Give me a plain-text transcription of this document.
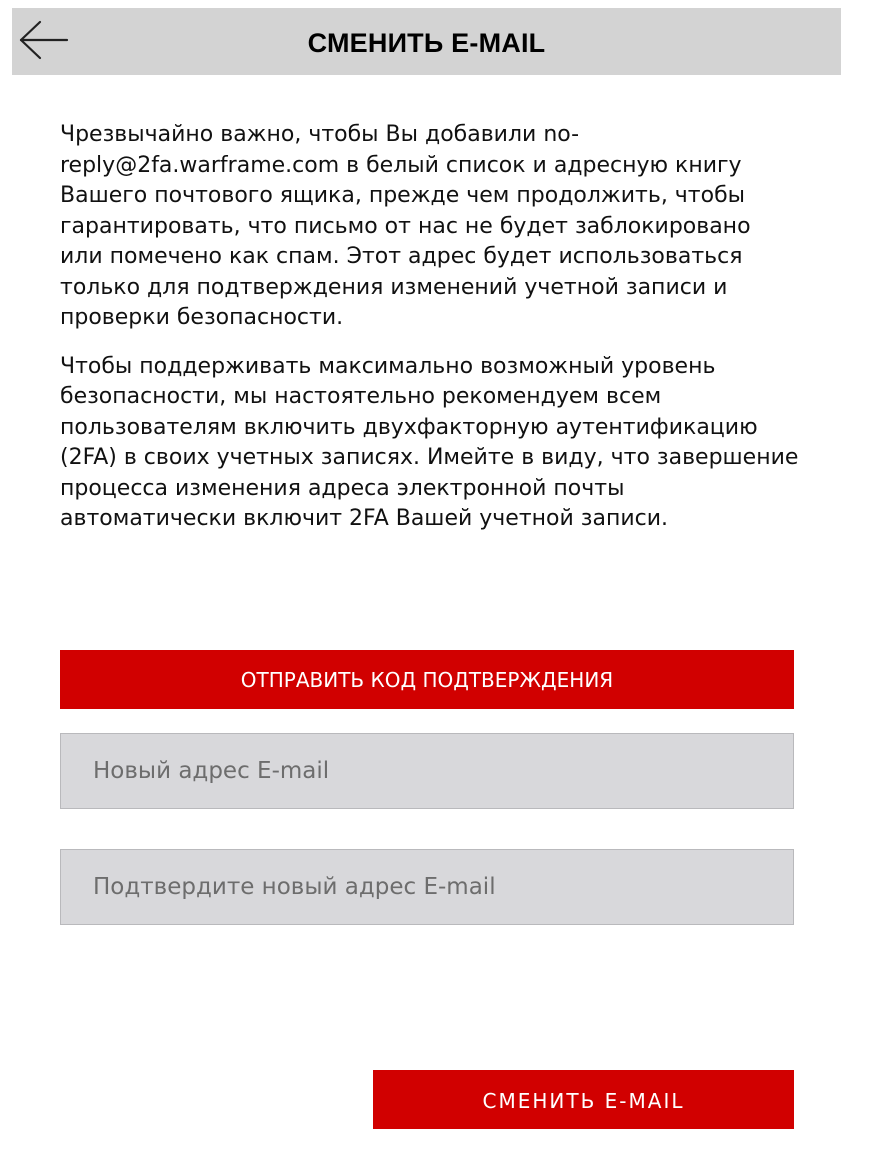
СМЕНИТЬ E-MAIL

Чрезвычайно важно, чтобы Вы добавили no-reply@2fa.warframe.com в белый список и адресную книгу Вашего почтового ящика, прежде чем продолжить, чтобы гарантировать, что письмо от нас не будет заблокировано или помечено как спам. Этот адрес будет использоваться только для подтверждения изменений учетной записи и проверки безопасности.

Чтобы поддерживать максимально возможный уровень безопасности, мы настоятельно рекомендуем всем пользователям включить двухфакторную аутентификацию (2FA) в своих учетных записях. Имейте в виду, что завершение процесса изменения адреса электронной почты автоматически включит 2FA Вашей учетной записи.

ОТПРАВИТЬ КОД ПОДТВЕРЖДЕНИЯ
Новый адрес E-mail
Подтвердите новый адрес E-mail
СМЕНИТЬ E-MAIL
